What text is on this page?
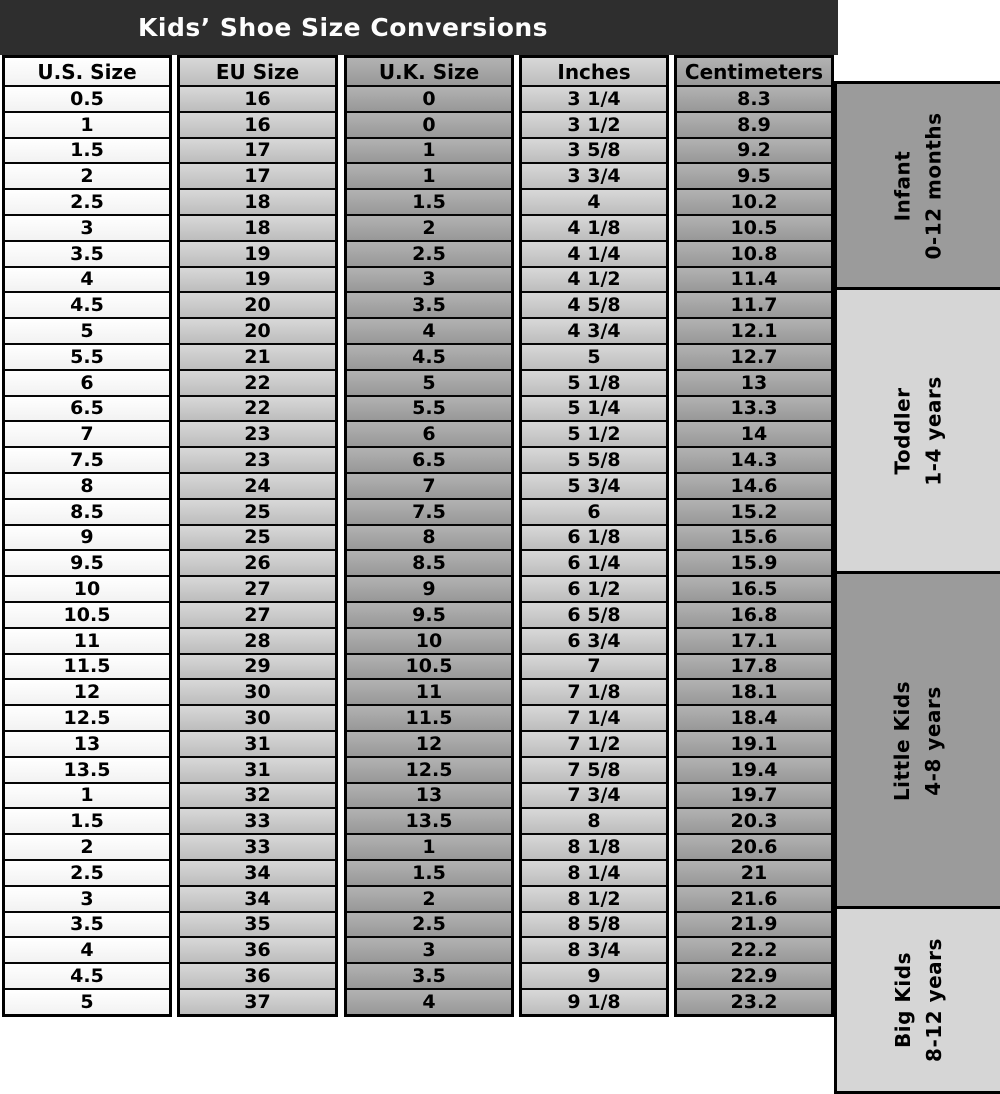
Kids’ Shoe Size Conversions
U.S. Size
0.5
1
1.5
2
2.5
3
3.5
4
4.5
5
5.5
6
6.5
7
7.5
8
8.5
9
9.5
10
10.5
11
11.5
12
12.5
13
13.5
1
1.5
2
2.5
3
3.5
4
4.5
5
EU Size
16
16
17
17
18
18
19
19
20
20
21
22
22
23
23
24
25
25
26
27
27
28
29
30
30
31
31
32
33
33
34
34
35
36
36
37
U.K. Size
0
0
1
1
1.5
2
2.5
3
3.5
4
4.5
5
5.5
6
6.5
7
7.5
8
8.5
9
9.5
10
10.5
11
11.5
12
12.5
13
13.5
1
1.5
2
2.5
3
3.5
4
Inches
3 1/4
3 1/2
3 5/8
3 3/4
4
4 1/8
4 1/4
4 1/2
4 5/8
4 3/4
5
5 1/8
5 1/4
5 1/2
5 5/8
5 3/4
6
6 1/8
6 1/4
6 1/2
6 5/8
6 3/4
7
7 1/8
7 1/4
7 1/2
7 5/8
7 3/4
8
8 1/8
8 1/4
8 1/2
8 5/8
8 3/4
9
9 1/8
Centimeters
8.3
8.9
9.2
9.5
10.2
10.5
10.8
11.4
11.7
12.1
12.7
13
13.3
14
14.3
14.6
15.2
15.6
15.9
16.5
16.8
17.1
17.8
18.1
18.4
19.1
19.4
19.7
20.3
20.6
21
21.6
21.9
22.2
22.9
23.2
Infant 0-12 months
Toddler 1-4 years
Little Kids 4-8 years
Big Kids 8-12 years
